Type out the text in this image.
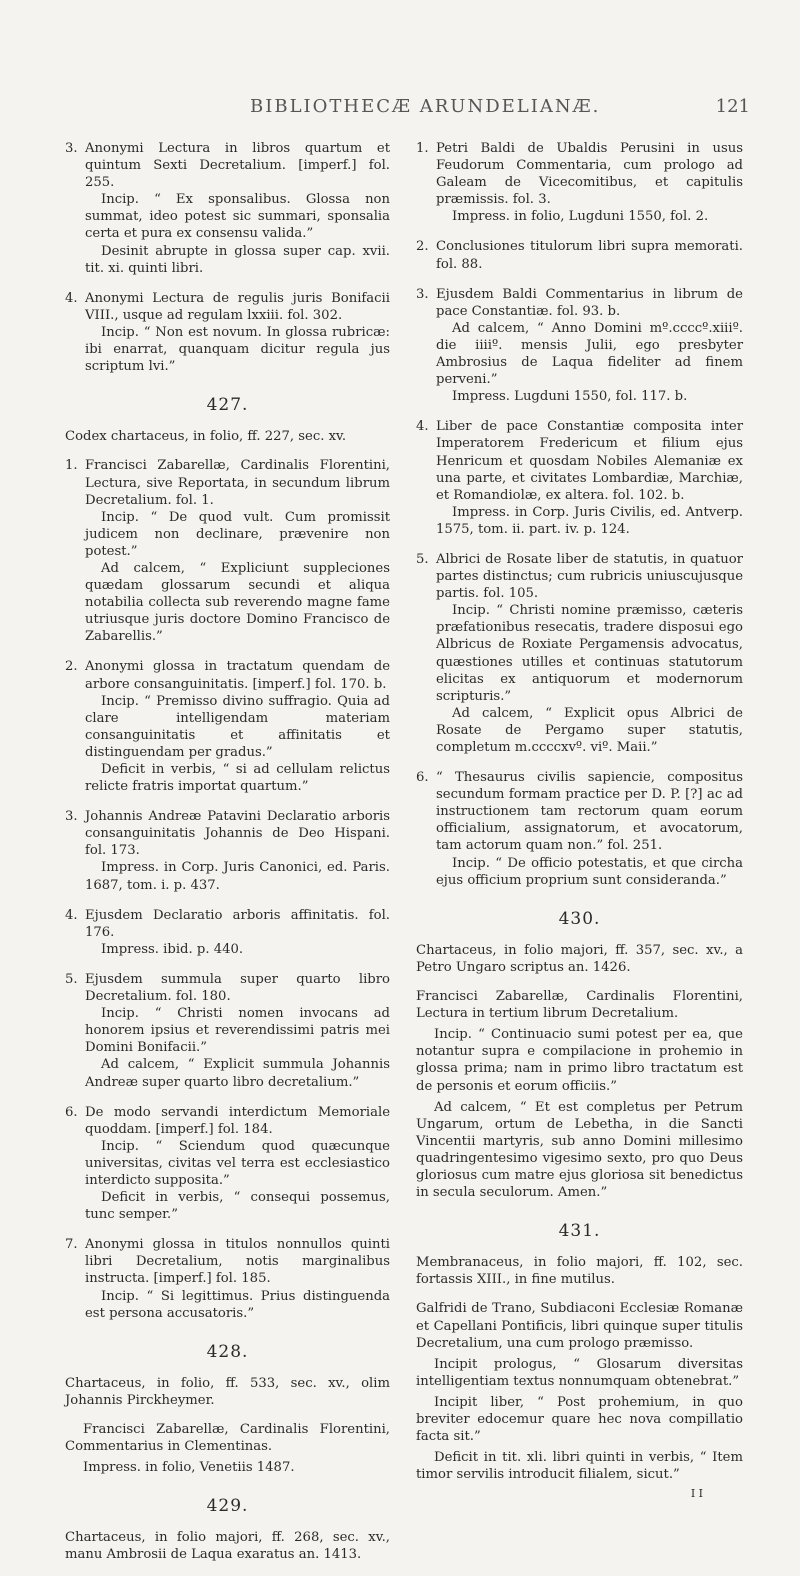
BIBLIOTHECÆ ARUNDELIANÆ.	121
3. Anonymi Lectura in libros quartum et quintum Sexti Decretalium. [imperf.] fol. 255.

Incip. “ Ex sponsalibus. Glossa non summat, ideo potest sic summari, sponsalia certa et pura ex consensu valida.”

Desinit abrupte in glossa super cap. xvii. tit. xi. quinti libri.

4. Anonymi Lectura de regulis juris Bonifacii VIII., usque ad regulam lxxiii. fol. 302.

Incip. “ Non est novum. In glossa rubricæ: ibi enarrat, quanquam dicitur regula jus scriptum lvi.”

427.

Codex chartaceus, in folio, ff. 227, sec. xv.

1. Francisci Zabarellæ, Cardinalis Florentini, Lectura, sive Reportata, in secundum librum Decretalium. fol. 1.

Incip. “ De quod vult. Cum promissit judicem non declinare, prævenire non potest.”

Ad calcem, “ Expliciunt suppleciones quædam glossarum secundi et aliqua notabilia collecta sub reverendo magne fame utriusque juris doctore Domino Francisco de Zabarellis.”

2. Anonymi glossa in tractatum quendam de arbore consanguinitatis. [imperf.] fol. 170. b.

Incip. “ Premisso divino suffragio. Quia ad clare intelligendam materiam consanguinitatis et affinitatis et distinguendam per gradus.”

Deficit in verbis, “ si ad cellulam relictus relicte fratris importat quartum.”

3. Johannis Andreæ Patavini Declaratio arboris consanguinitatis Johannis de Deo Hispani. fol. 173.

Impress. in Corp. Juris Canonici, ed. Paris. 1687, tom. i. p. 437.

4. Ejusdem Declaratio arboris affinitatis. fol. 176.

Impress. ibid. p. 440.

5. Ejusdem summula super quarto libro Decretalium. fol. 180.

Incip. “ Christi nomen invocans ad honorem ipsius et reverendissimi patris mei Domini Bonifacii.”

Ad calcem, “ Explicit summula Johannis Andreæ super quarto libro decretalium.”

6. De modo servandi interdictum Memoriale quoddam. [imperf.] fol. 184.

Incip. “ Sciendum quod quæcunque universitas, civitas vel terra est ecclesiastico interdicto supposita.”

Deficit in verbis, “ consequi possemus, tunc semper.”

7. Anonymi glossa in titulos nonnullos quinti libri Decretalium, notis marginalibus instructa. [imperf.] fol. 185.

Incip. “ Si legittimus. Prius distinguenda est persona accusatoris.”

428.

Chartaceus, in folio, ff. 533, sec. xv., olim Johannis Pirckheymer.

Francisci Zabarellæ, Cardinalis Florentini, Commentarius in Clementinas.

Impress. in folio, Venetiis 1487.

429.

Chartaceus, in folio majori, ff. 268, sec. xv., manu Ambrosii de Laqua exaratus an. 1413.

1. Petri Baldi de Ubaldis Perusini in usus Feudorum Commentaria, cum prologo ad Galeam de Vicecomitibus, et capitulis præmissis. fol. 3.

Impress. in folio, Lugduni 1550, fol. 2.

2. Conclusiones titulorum libri supra memorati. fol. 88.

3. Ejusdem Baldi Commentarius in librum de pace Constantiæ. fol. 93. b.

Ad calcem, “ Anno Domini mº.ccccº.xiiiº. die iiiiº. mensis Julii, ego presbyter Ambrosius de Laqua fideliter ad finem perveni.”

Impress. Lugduni 1550, fol. 117. b.

4. Liber de pace Constantiæ composita inter Imperatorem Fredericum et filium ejus Henricum et quosdam Nobiles Alemaniæ ex una parte, et civitates Lombardiæ, Marchiæ, et Romandiolæ, ex altera. fol. 102. b.

Impress. in Corp. Juris Civilis, ed. Antverp. 1575, tom. ii. part. iv. p. 124.

5. Albrici de Rosate liber de statutis, in quatuor partes distinctus; cum rubricis uniuscujusque partis. fol. 105.

Incip. “ Christi nomine præmisso, cæteris præfationibus resecatis, tradere disposui ego Albricus de Roxiate Pergamensis advocatus, quæstiones utilles et continuas statutorum elicitas ex antiquorum et modernorum scripturis.”

Ad calcem, “ Explicit opus Albrici de Rosate de Pergamo super statutis, completum m.ccccxvº. viº. Maii.”

6. “ Thesaurus civilis sapiencie, compositus secundum formam practice per D. P. [?] ac ad instructionem tam rectorum quam eorum officialium, assignatorum, et avocatorum, tam actorum quam non.” fol. 251.

Incip. “ De officio potestatis, et que circha ejus officium proprium sunt consideranda.”

430.

Chartaceus, in folio majori, ff. 357, sec. xv., a Petro Ungaro scriptus an. 1426.

Francisci Zabarellæ, Cardinalis Florentini, Lectura in tertium librum Decretalium.

Incip. “ Continuacio sumi potest per ea, que notantur supra e compilacione in prohemio in glossa prima; nam in primo libro tractatum est de personis et eorum officiis.”

Ad calcem, “ Et est completus per Petrum Ungarum, ortum de Lebetha, in die Sancti Vincentii martyris, sub anno Domini millesimo quadringentesimo vigesimo sexto, pro quo Deus gloriosus cum matre ejus gloriosa sit benedictus in secula seculorum. Amen.”

431.

Membranaceus, in folio majori, ff. 102, sec. fortassis XIII., in fine mutilus.

Galfridi de Trano, Subdiaconi Ecclesiæ Romanæ et Capellani Pontificis, libri quinque super titulis Decretalium, una cum prologo præmisso.

Incipit prologus, “ Glosarum diversitas intelligentiam textus nonnumquam obtenebrat.”

Incipit liber, “ Post prohemium, in quo breviter edocemur quare hec nova compillatio facta sit.”

Deficit in tit. xli. libri quinti in verbis, “ Item timor servilis introducit filialem, sicut.”

I I
